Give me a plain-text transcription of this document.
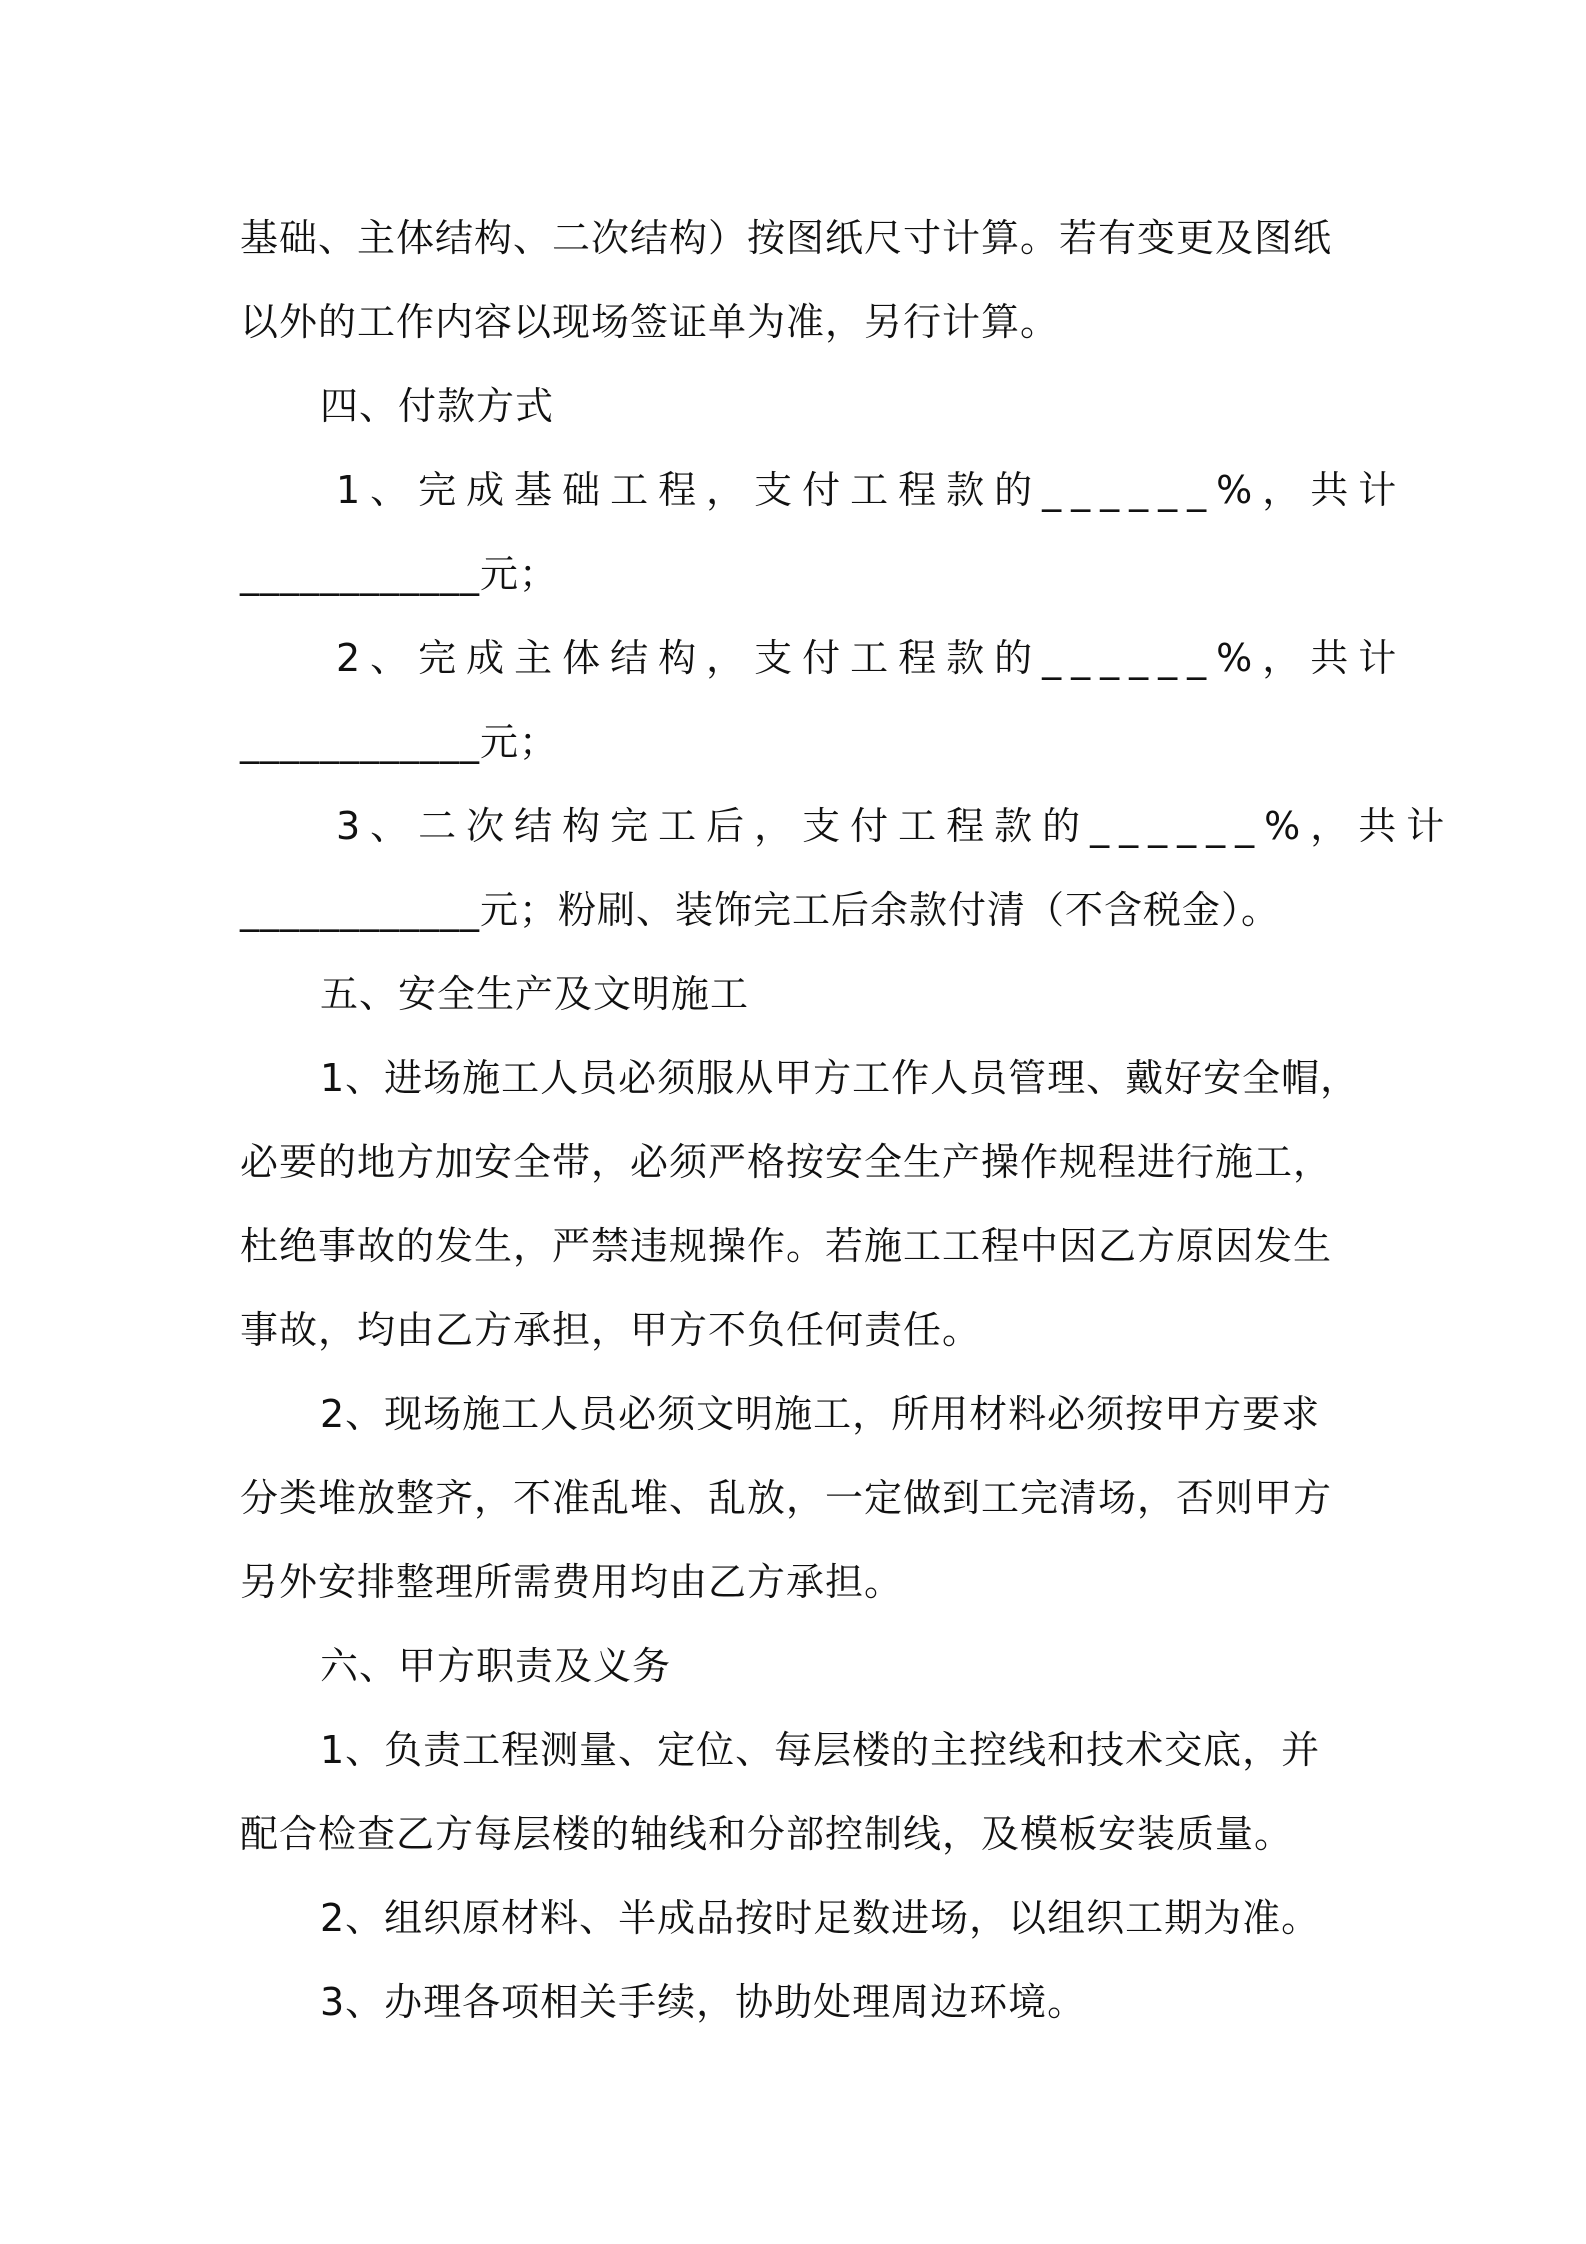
基础、主体结构、二次结构）按图纸尺寸计算。若有变更及图纸
以外的工作内容以现场签证单为准，另行计算。
四、付款方式
1、完成基础工程，支付工程款的______%，共计
____________元；
2、完成主体结构，支付工程款的______%，共计
____________元；
3、二次结构完工后，支付工程款的______%，共计
____________元；粉刷、装饰完工后余款付清（不含税金）。
五、安全生产及文明施工
1、进场施工人员必须服从甲方工作人员管理、戴好安全帽，
必要的地方加安全带，必须严格按安全生产操作规程进行施工，
杜绝事故的发生，严禁违规操作。若施工工程中因乙方原因发生
事故，均由乙方承担，甲方不负任何责任。
2、现场施工人员必须文明施工，所用材料必须按甲方要求
分类堆放整齐，不准乱堆、乱放，一定做到工完清场，否则甲方
另外安排整理所需费用均由乙方承担。
六、甲方职责及义务
1、负责工程测量、定位、每层楼的主控线和技术交底，并
配合检查乙方每层楼的轴线和分部控制线，及模板安装质量。
2、组织原材料、半成品按时足数进场，以组织工期为准。
3、办理各项相关手续，协助处理周边环境。
